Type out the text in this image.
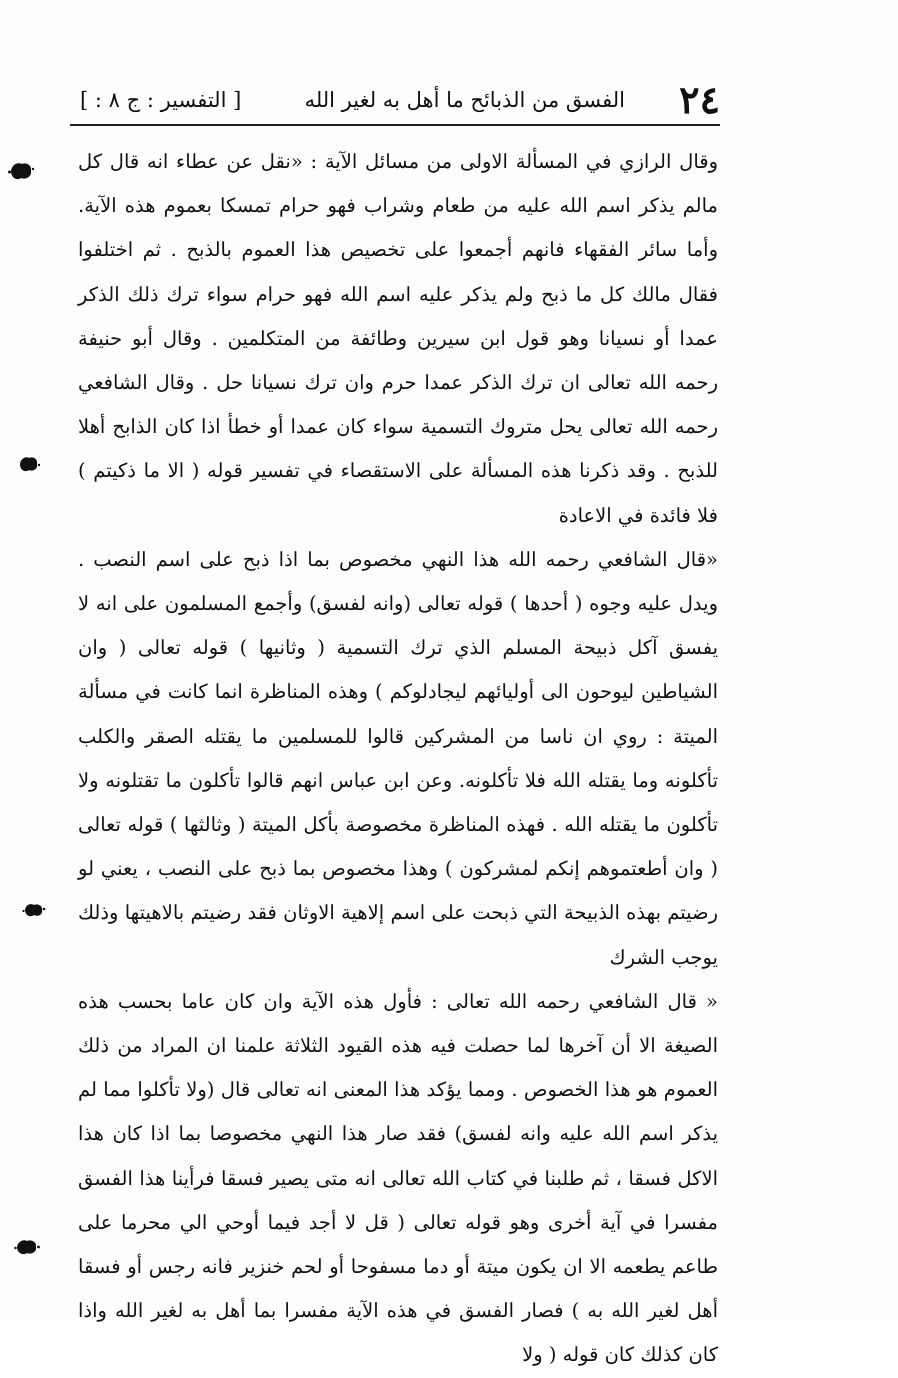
٢٤
الفسق من الذبائح ما أهل به لغير الله
[ التفسير : ج ٨ : ]

وقال الرازي في المسألة الاولى من مسائل الآية : «نقل عن عطاء انه قال كل مالم يذكر اسم الله عليه من طعام وشراب فهو حرام تمسكا بعموم هذه الآية. وأما سائر الفقهاء فانهم أجمعوا على تخصيص هذا العموم بالذبح . ثم اختلفوا فقال مالك كل ما ذبح ولم يذكر عليه اسم الله فهو حرام سواء ترك ذلك الذكر عمدا أو نسيانا وهو قول ابن سيرين وطائفة من المتكلمين . وقال أبو حنيفة رحمه الله تعالى ان ترك الذكر عمدا حرم وان ترك نسيانا حل . وقال الشافعي رحمه الله تعالى يحل متروك التسمية سواء كان عمدا أو خطأ اذا كان الذابح أهلا للذبح . وقد ذكرنا هذه المسألة على الاستقصاء في تفسير قوله ( الا ما ذكيتم ) فلا فائدة في الاعادة

«قال الشافعي رحمه الله هذا النهي مخصوص بما اذا ذبح على اسم النصب . ويدل عليه وجوه ( أحدها ) قوله تعالى (وانه لفسق) وأجمع المسلمون على انه لا يفسق آكل ذبيحة المسلم الذي ترك التسمية ( وثانيها ) قوله تعالى ( وان الشياطين ليوحون الى أوليائهم ليجادلوكم ) وهذه المناظرة انما كانت في مسألة الميتة : روي ان ناسا من المشركين قالوا للمسلمين ما يقتله الصقر والكلب تأكلونه وما يقتله الله فلا تأكلونه. وعن ابن عباس انهم قالوا تأكلون ما تقتلونه ولا تأكلون ما يقتله الله . فهذه المناظرة مخصوصة بأكل الميتة ( وثالثها ) قوله تعالى ( وان أطعتموهم إنكم لمشركون ) وهذا مخصوص بما ذبح على النصب ، يعني لو رضيتم بهذه الذبيحة التي ذبحت على اسم إلاهية الاوثان فقد رضيتم بالاهيتها وذلك يوجب الشرك

« قال الشافعي رحمه الله تعالى : فأول هذه الآية وان كان عاما بحسب هذه الصيغة الا أن آخرها لما حصلت فيه هذه القيود الثلاثة علمنا ان المراد من ذلك العموم هو هذا الخصوص . ومما يؤكد هذا المعنى انه تعالى قال (ولا تأكلوا مما لم يذكر اسم الله عليه وانه لفسق) فقد صار هذا النهي مخصوصا بما اذا كان هذا الاكل فسقا ، ثم طلبنا في كتاب الله تعالى انه متى يصير فسقا فرأينا هذا الفسق مفسرا في آية أخرى وهو قوله تعالى ( قل لا أجد فيما أوحي الي محرما على طاعم يطعمه الا ان يكون ميتة أو دما مسفوحا أو لحم خنزير فانه رجس أو فسقا أهل لغير الله به ) فصار الفسق في هذه الآية مفسرا بما أهل به لغير الله واذا كان كذلك كان قوله ( ولا
